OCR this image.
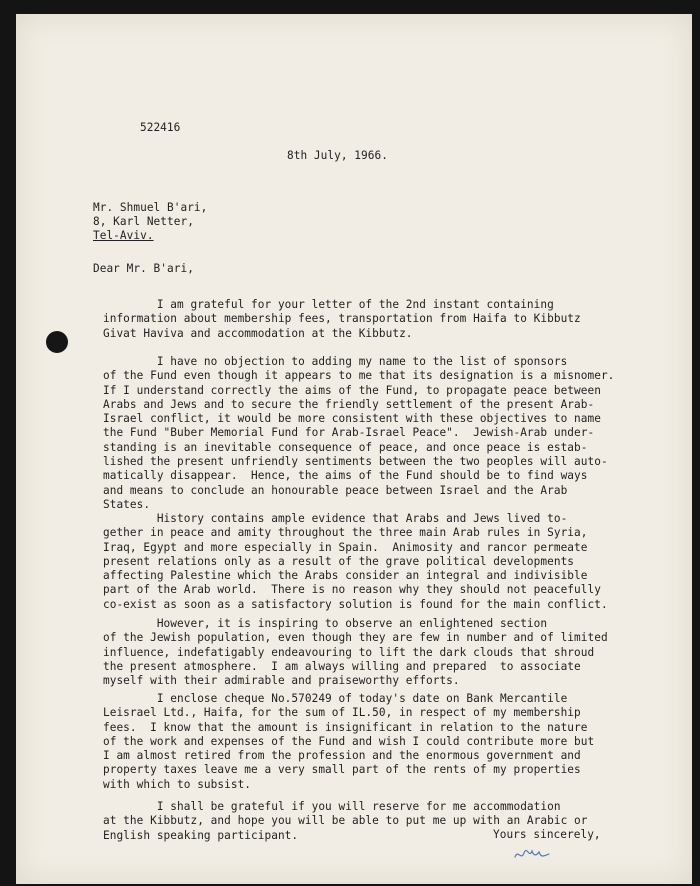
522416
8th July, 1966.
Mr. Shmuel B'ari,
8, Karl Netter,
Tel-Aviv.
Dear Mr. B'ari,
I am grateful for your letter of the 2nd instant containing
information about membership fees, transportation from Haifa to Kibbutz
Givat Haviva and accommodation at the Kibbutz.
I have no objection to adding my name to the list of sponsors
of the Fund even though it appears to me that its designation is a misnomer.
If I understand correctly the aims of the Fund, to propagate peace between
Arabs and Jews and to secure the friendly settlement of the present Arab-
Israel conflict, it would be more consistent with these objectives to name
the Fund "Buber Memorial Fund for Arab-Israel Peace".  Jewish-Arab under-
standing is an inevitable consequence of peace, and once peace is estab-
lished the present unfriendly sentiments between the two peoples will auto-
matically disappear.  Hence, the aims of the Fund should be to find ways
and means to conclude an honourable peace between Israel and the Arab
States.
History contains ample evidence that Arabs and Jews lived to-
gether in peace and amity throughout the three main Arab rules in Syria,
Iraq, Egypt and more especially in Spain.  Animosity and rancor permeate
present relations only as a result of the grave political developments
affecting Palestine which the Arabs consider an integral and indivisible
part of the Arab world.  There is no reason why they should not peacefully
co-exist as soon as a satisfactory solution is found for the main conflict.
However, it is inspiring to observe an enlightened section
of the Jewish population, even though they are few in number and of limited
influence, indefatigably endeavouring to lift the dark clouds that shroud
the present atmosphere.  I am always willing and prepared  to associate
myself with their admirable and praiseworthy efforts.
I enclose cheque No.570249 of today's date on Bank Mercantile
Leisrael Ltd., Haifa, for the sum of IL.50, in respect of my membership
fees.  I know that the amount is insignificant in relation to the nature
of the work and expenses of the Fund and wish I could contribute more but
I am almost retired from the profession and the enormous government and
property taxes leave me a very small part of the rents of my properties
with which to subsist.
I shall be grateful if you will reserve for me accommodation
at the Kibbutz, and hope you will be able to put me up with an Arabic or
English speaking participant.	Yours sincerely,
